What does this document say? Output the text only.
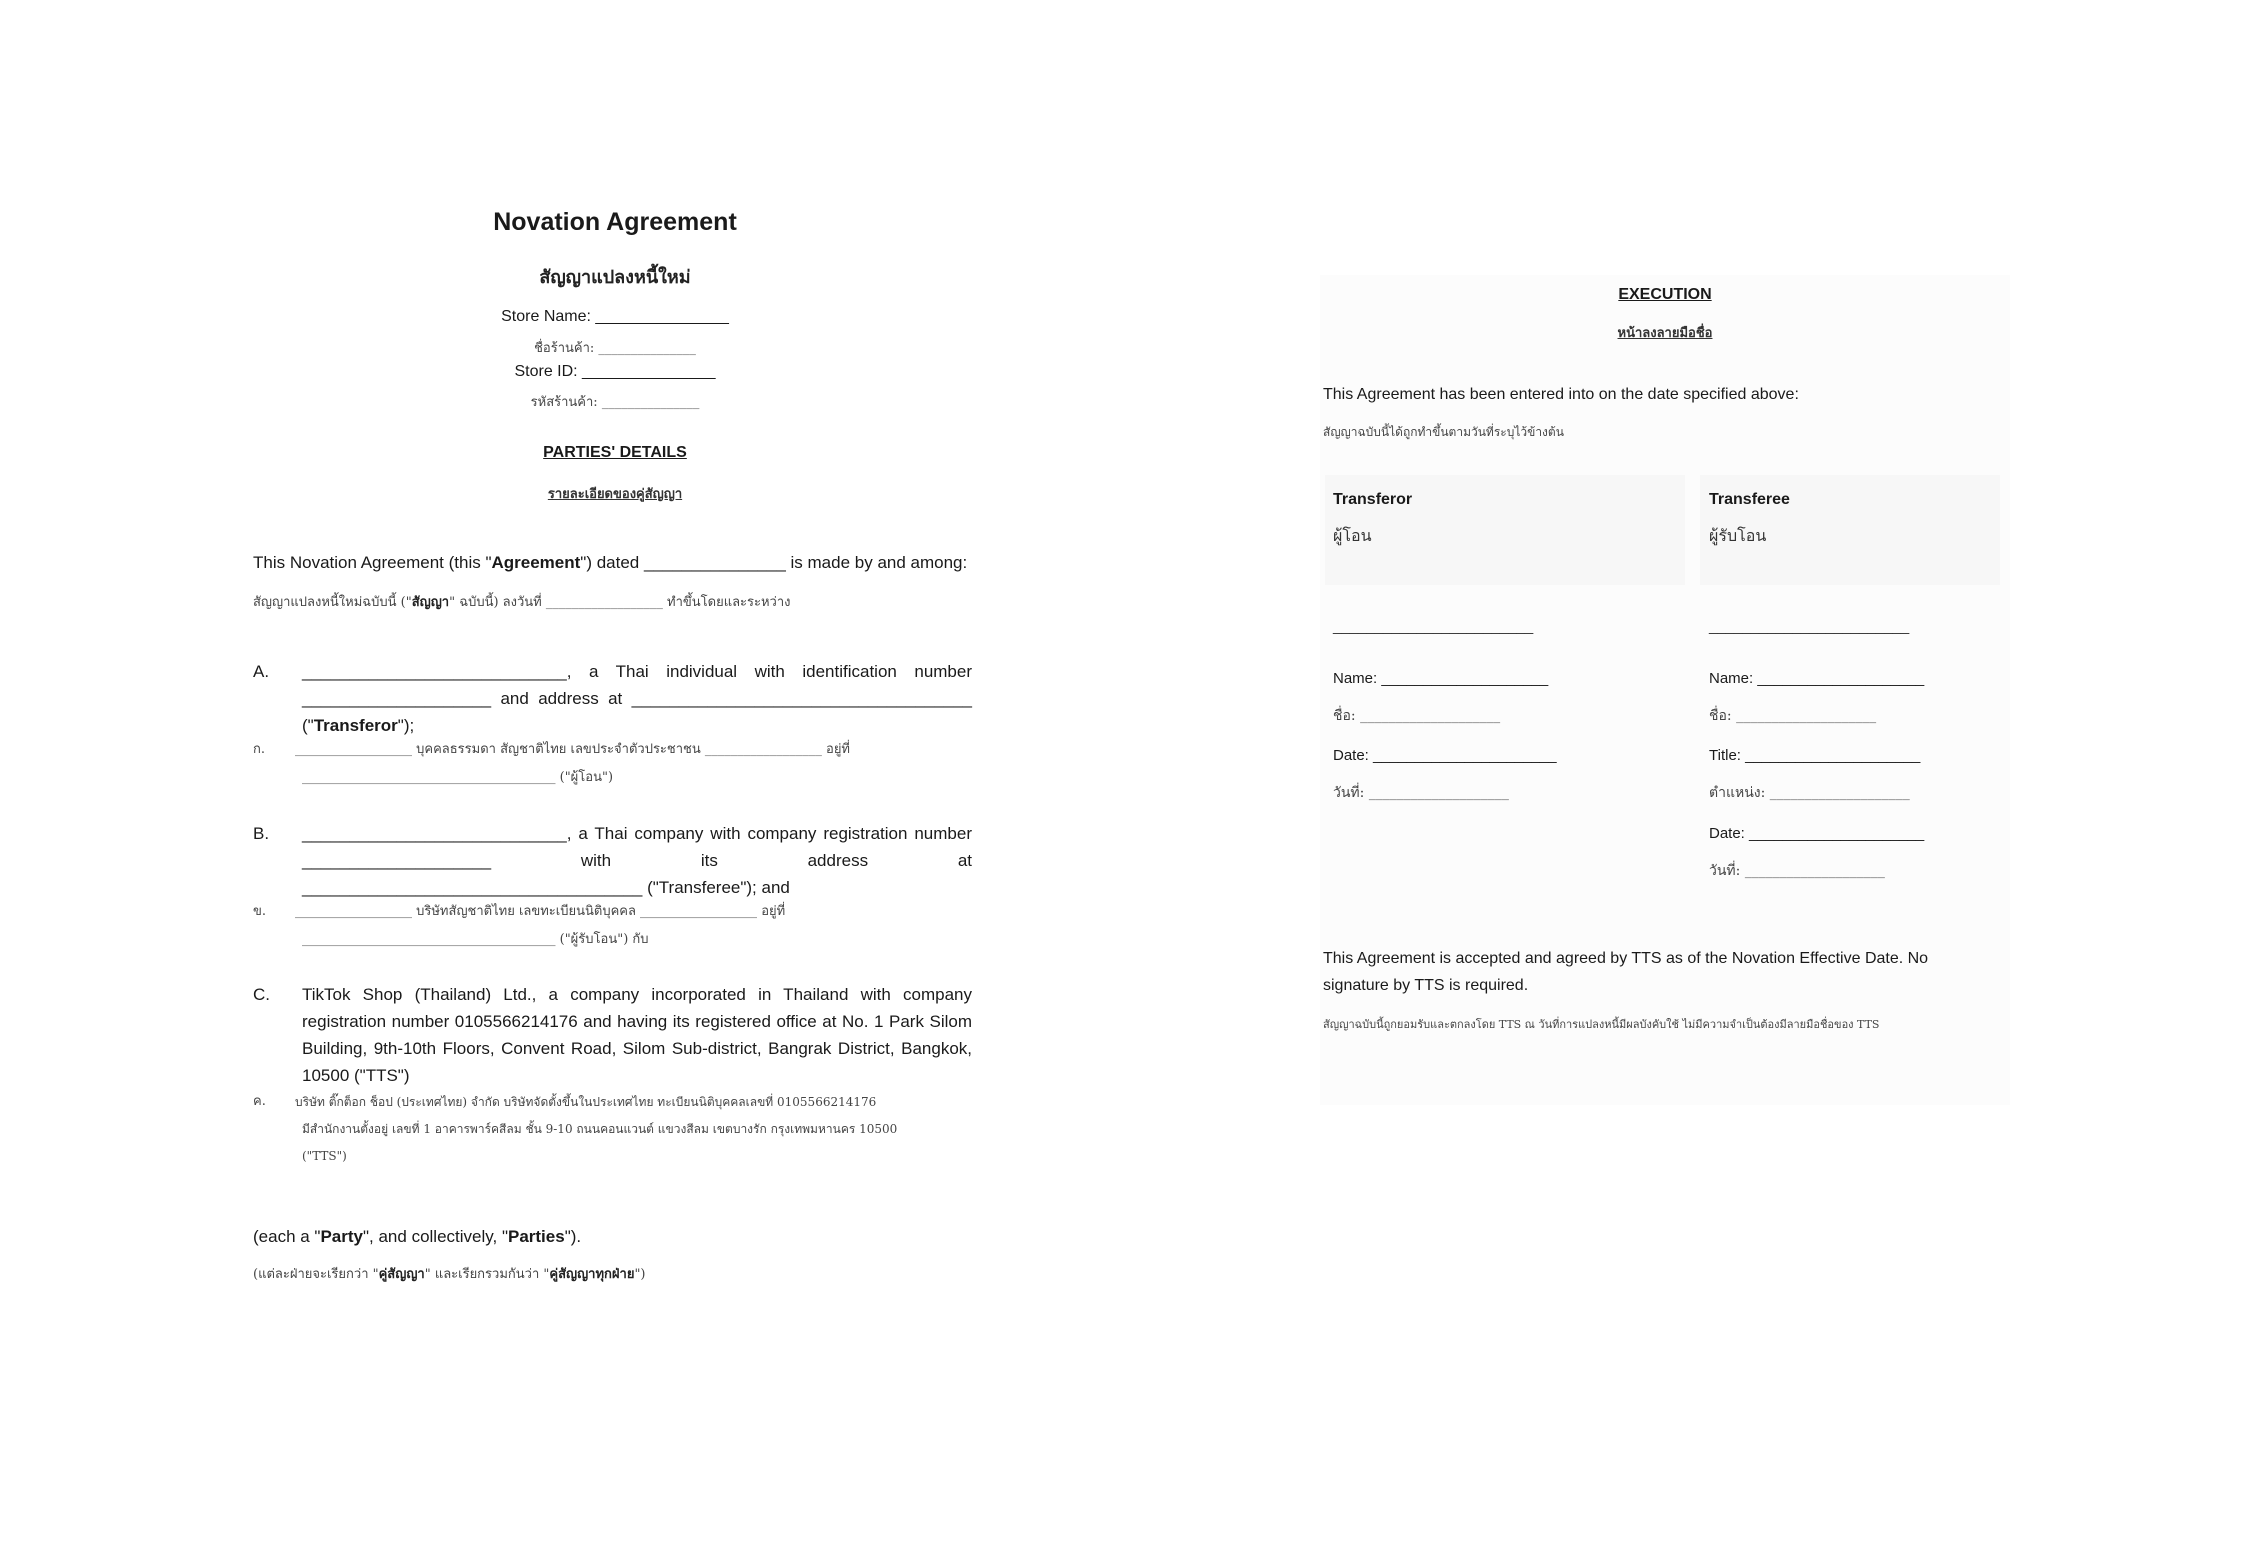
Novation Agreement
สัญญาแปลงหนี้ใหม่
Store Name: _______________
ชื่อร้านค้า: _______________
Store ID: _______________
รหัสร้านค้า: _______________
PARTIES' DETAILS
รายละเอียดของคู่สัญญา
This Novation Agreement (this "Agreement") dated _______________ is made by and among:
สัญญาแปลงหนี้ใหม่ฉบับนี้ ("สัญญา" ฉบับนี้) ลงวันที่ __________________ ทำขึ้นโดยและระหว่าง
A. ____________________________, a Thai individual with identification number
____________________ and address at ____________________________________
("Transferor");
ก. __________________ บุคคลธรรมดา สัญชาติไทย เลขประจำตัวประชาชน __________________ อยู่ที่
_______________________________________ ("ผู้โอน")
B. ____________________________, a Thai company with company registration number
____________________ with its address at
____________________________________ ("Transferee"); and
ข. __________________ บริษัทสัญชาติไทย เลขทะเบียนนิติบุคคล __________________ อยู่ที่
_______________________________________ ("ผู้รับโอน") กับ
C. TikTok Shop (Thailand) Ltd., a company incorporated in Thailand with company
registration number 0105566214176 and having its registered office at No. 1 Park Silom
Building, 9th-10th Floors, Convent Road, Silom Sub-district, Bangrak District, Bangkok,
10500 ("TTS")
ค. บริษัท ติ๊กต็อก ช็อป (ประเทศไทย) จำกัด บริษัทจัดตั้งขึ้นในประเทศไทย ทะเบียนนิติบุคคลเลขที่ 0105566214176
มีสำนักงานตั้งอยู่ เลขที่ 1 อาคารพาร์คสีลม ชั้น 9-10 ถนนคอนแวนต์ แขวงสีลม เขตบางรัก กรุงเทพมหานคร 10500
("TTS")
(each a "Party", and collectively, "Parties").
(แต่ละฝ่ายจะเรียกว่า "คู่สัญญา" และเรียกรวมกันว่า "คู่สัญญาทุกฝ่าย")
EXECUTION
หน้าลงลายมือชื่อ
This Agreement has been entered into on the date specified above:
สัญญาฉบับนี้ได้ถูกทำขึ้นตามวันที่ระบุไว้ข้างต้น
Transferor
ผู้โอน
________________________
Name: ____________________
ชื่อ: ____________________
Date: ______________________
วันที่: ____________________
Transferee
ผู้รับโอน
________________________
Name: ____________________
ชื่อ: ____________________
Title: _____________________
ตำแหน่ง: ____________________
Date: _____________________
วันที่: ____________________
This Agreement is accepted and agreed by TTS as of the Novation Effective Date. No
signature by TTS is required.
สัญญาฉบับนี้ถูกยอมรับและตกลงโดย TTS ณ วันที่การแปลงหนี้มีผลบังคับใช้ ไม่มีความจำเป็นต้องมีลายมือชื่อของ TTS
